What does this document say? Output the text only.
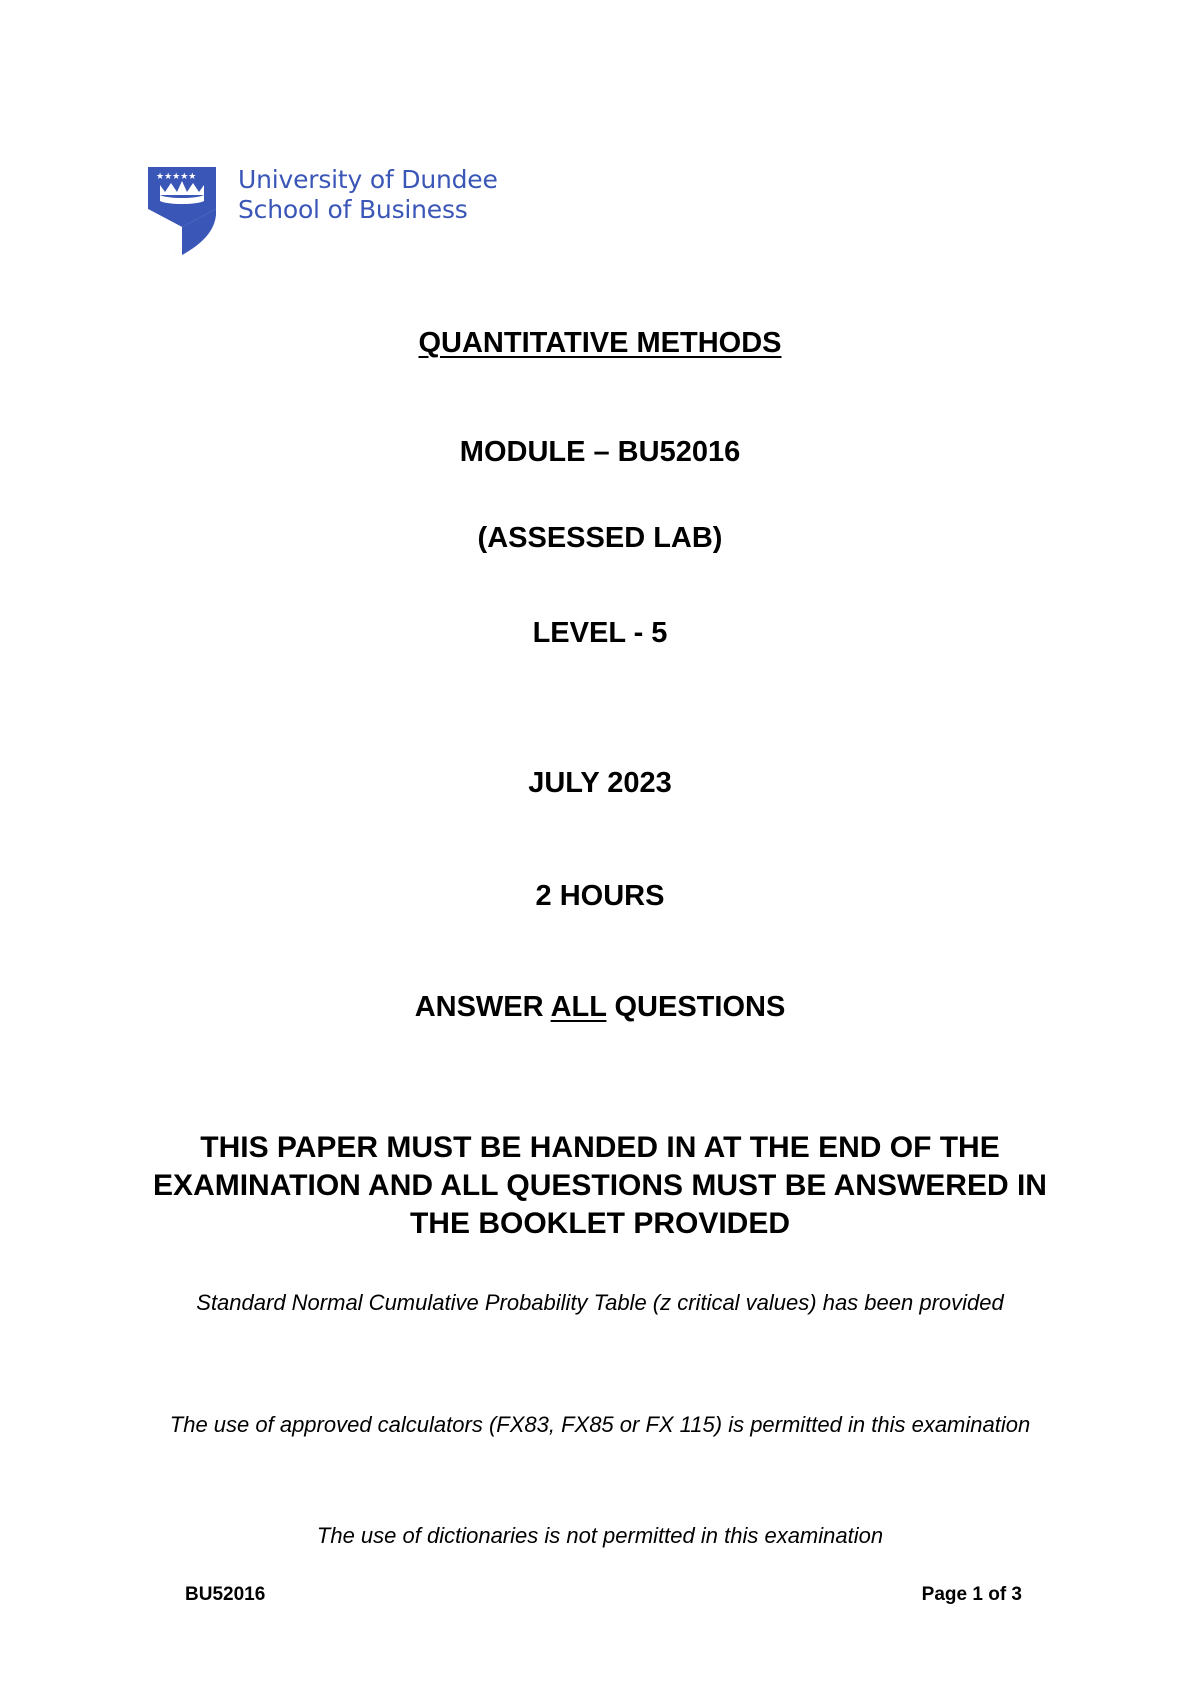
★★★★★ University of Dundee
School of Business
QUANTITATIVE METHODS
MODULE – BU52016
(ASSESSED LAB)
LEVEL - 5
JULY 2023
2 HOURS
ANSWER ALL QUESTIONS
THIS PAPER MUST BE HANDED IN AT THE END OF THE EXAMINATION AND ALL QUESTIONS MUST BE ANSWERED IN THE BOOKLET PROVIDED
Standard Normal Cumulative Probability Table (z critical values) has been provided
The use of approved calculators (FX83, FX85 or FX 115) is permitted in this examination
The use of dictionaries is not permitted in this examination
BU52016	Page 1 of 3
